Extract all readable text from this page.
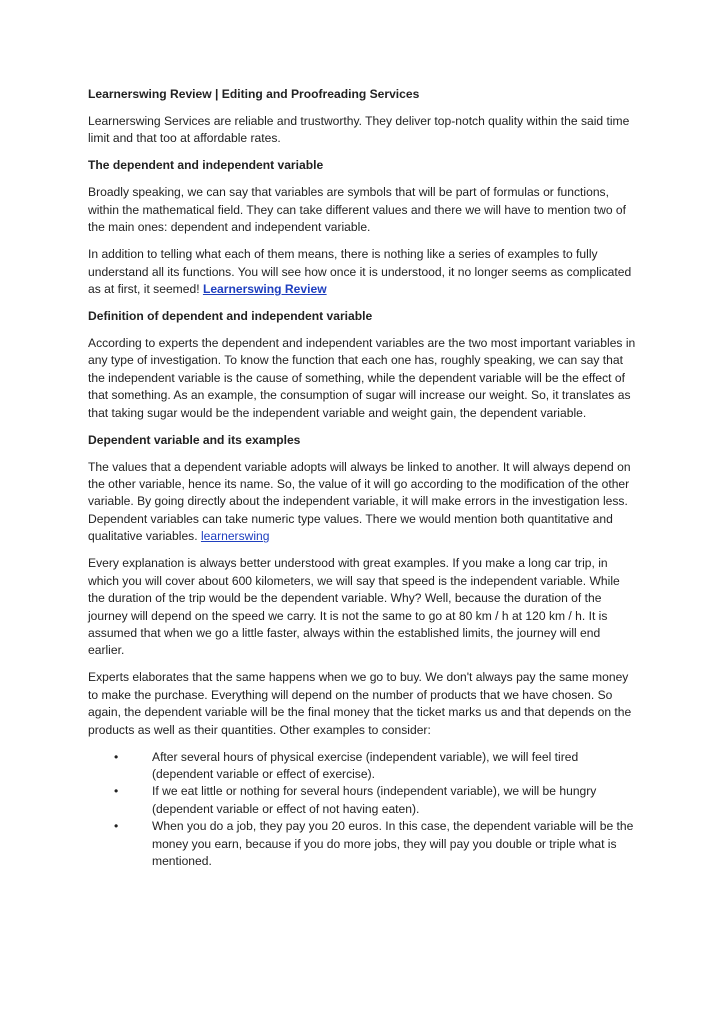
Learnerswing Review | Editing and Proofreading Services

Learnerswing Services are reliable and trustworthy. They deliver top-notch quality within the said time limit and that too at affordable rates.

The dependent and independent variable

Broadly speaking, we can say that variables are symbols that will be part of formulas or functions, within the mathematical field. They can take different values and there we will have to mention two of the main ones: dependent and independent variable.

In addition to telling what each of them means, there is nothing like a series of examples to fully understand all its functions. You will see how once it is understood, it no longer seems as complicated as at first, it seemed! Learnerswing Review

Definition of dependent and independent variable

According to experts the dependent and independent variables are the two most important variables in any type of investigation. To know the function that each one has, roughly speaking, we can say that the independent variable is the cause of something, while the dependent variable will be the effect of that something. As an example, the consumption of sugar will increase our weight. So, it translates as that taking sugar would be the independent variable and weight gain, the dependent variable.

Dependent variable and its examples

The values that a dependent variable adopts will always be linked to another. It will always depend on the other variable, hence its name. So, the value of it will go according to the modification of the other variable. By going directly about the independent variable, it will make errors in the investigation less. Dependent variables can take numeric type values. There we would mention both quantitative and qualitative variables. learnerswing

Every explanation is always better understood with great examples. If you make a long car trip, in which you will cover about 600 kilometers, we will say that speed is the independent variable. While the duration of the trip would be the dependent variable. Why? Well, because the duration of the journey will depend on the speed we carry. It is not the same to go at 80 km / h at 120 km / h. It is assumed that when we go a little faster, always within the established limits, the journey will end earlier.

Experts elaborates that the same happens when we go to buy. We don't always pay the same money to make the purchase. Everything will depend on the number of products that we have chosen. So again, the dependent variable will be the final money that the ticket marks us and that depends on the products as well as their quantities. Other examples to consider:

•	After several hours of physical exercise (independent variable), we will feel tired (dependent variable or effect of exercise).
•	If we eat little or nothing for several hours (independent variable), we will be hungry (dependent variable or effect of not having eaten).
•	When you do a job, they pay you 20 euros. In this case, the dependent variable will be the money you earn, because if you do more jobs, they will pay you double or triple what is mentioned.
